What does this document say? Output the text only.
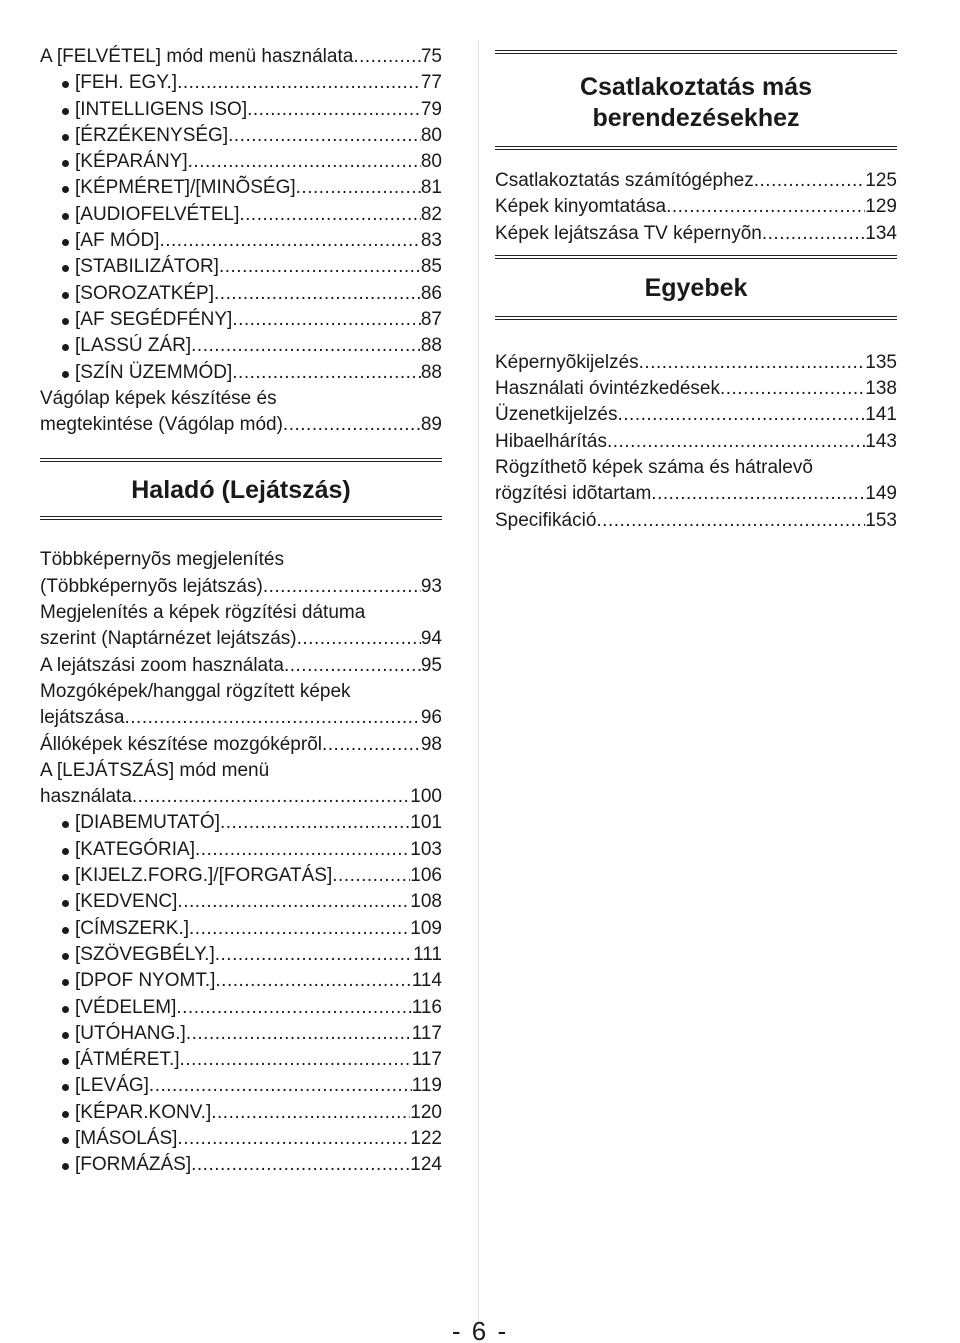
A [FELVÉTEL] mód menü használata .....	75
[FEH. EGY.] .....	77
[INTELLIGENS ISO] .....	79
[ÉRZÉKENYSÉG] .....	80
[KÉPARÁNY] .....	80
[KÉPMÉRET]/[MINÕSÉG] .....	81
[AUDIOFELVÉTEL] .....	82
[AF MÓD] .....	83
[STABILIZÁTOR] .....	85
[SOROZATKÉP] .....	86
[AF SEGÉDFÉNY] .....	87
[LASSÚ ZÁR] .....	88
[SZÍN ÜZEMMÓD] .....	88
Vágólap képek készítése és
megtekintése (Vágólap mód) .....	89
Haladó (Lejátszás)
Többképernyõs megjelenítés
(Többképernyõs lejátszás) .....	93
Megjelenítés a képek rögzítési dátuma
szerint (Naptárnézet lejátszás) .....	94
A lejátszási zoom használata .....	95
Mozgóképek/hanggal rögzített képek
lejátszása .....	96
Állóképek készítése mozgóképrõl .....	98
A [LEJÁTSZÁS] mód menü
használata .....	100
[DIABEMUTATÓ] .....	101
[KATEGÓRIA] .....	103
[KIJELZ.FORG.]/[FORGATÁS] .....	106
[KEDVENC] .....	108
[CÍMSZERK.] .....	109
[SZÖVEGBÉLY.] .....	111
[DPOF NYOMT.] .....	114
[VÉDELEM] .....	116
[UTÓHANG.] .....	117
[ÁTMÉRET.] .....	117
[LEVÁG] .....	119
[KÉPAR.KONV.] .....	120
[MÁSOLÁS] .....	122
[FORMÁZÁS] .....	124
Csatlakoztatás más
berendezésekhez
Csatlakoztatás számítógéphez .....	125
Képek kinyomtatása .....	129
Képek lejátszása TV képernyõn .....	134
Egyebek
Képernyõkijelzés .....	135
Használati óvintézkedések .....	138
Üzenetkijelzés .....	141
Hibaelhárítás .....	143
Rögzíthetõ képek száma és hátralevõ
rögzítési idõtartam .....	149
Specifikáció .....	153
- 6 -
